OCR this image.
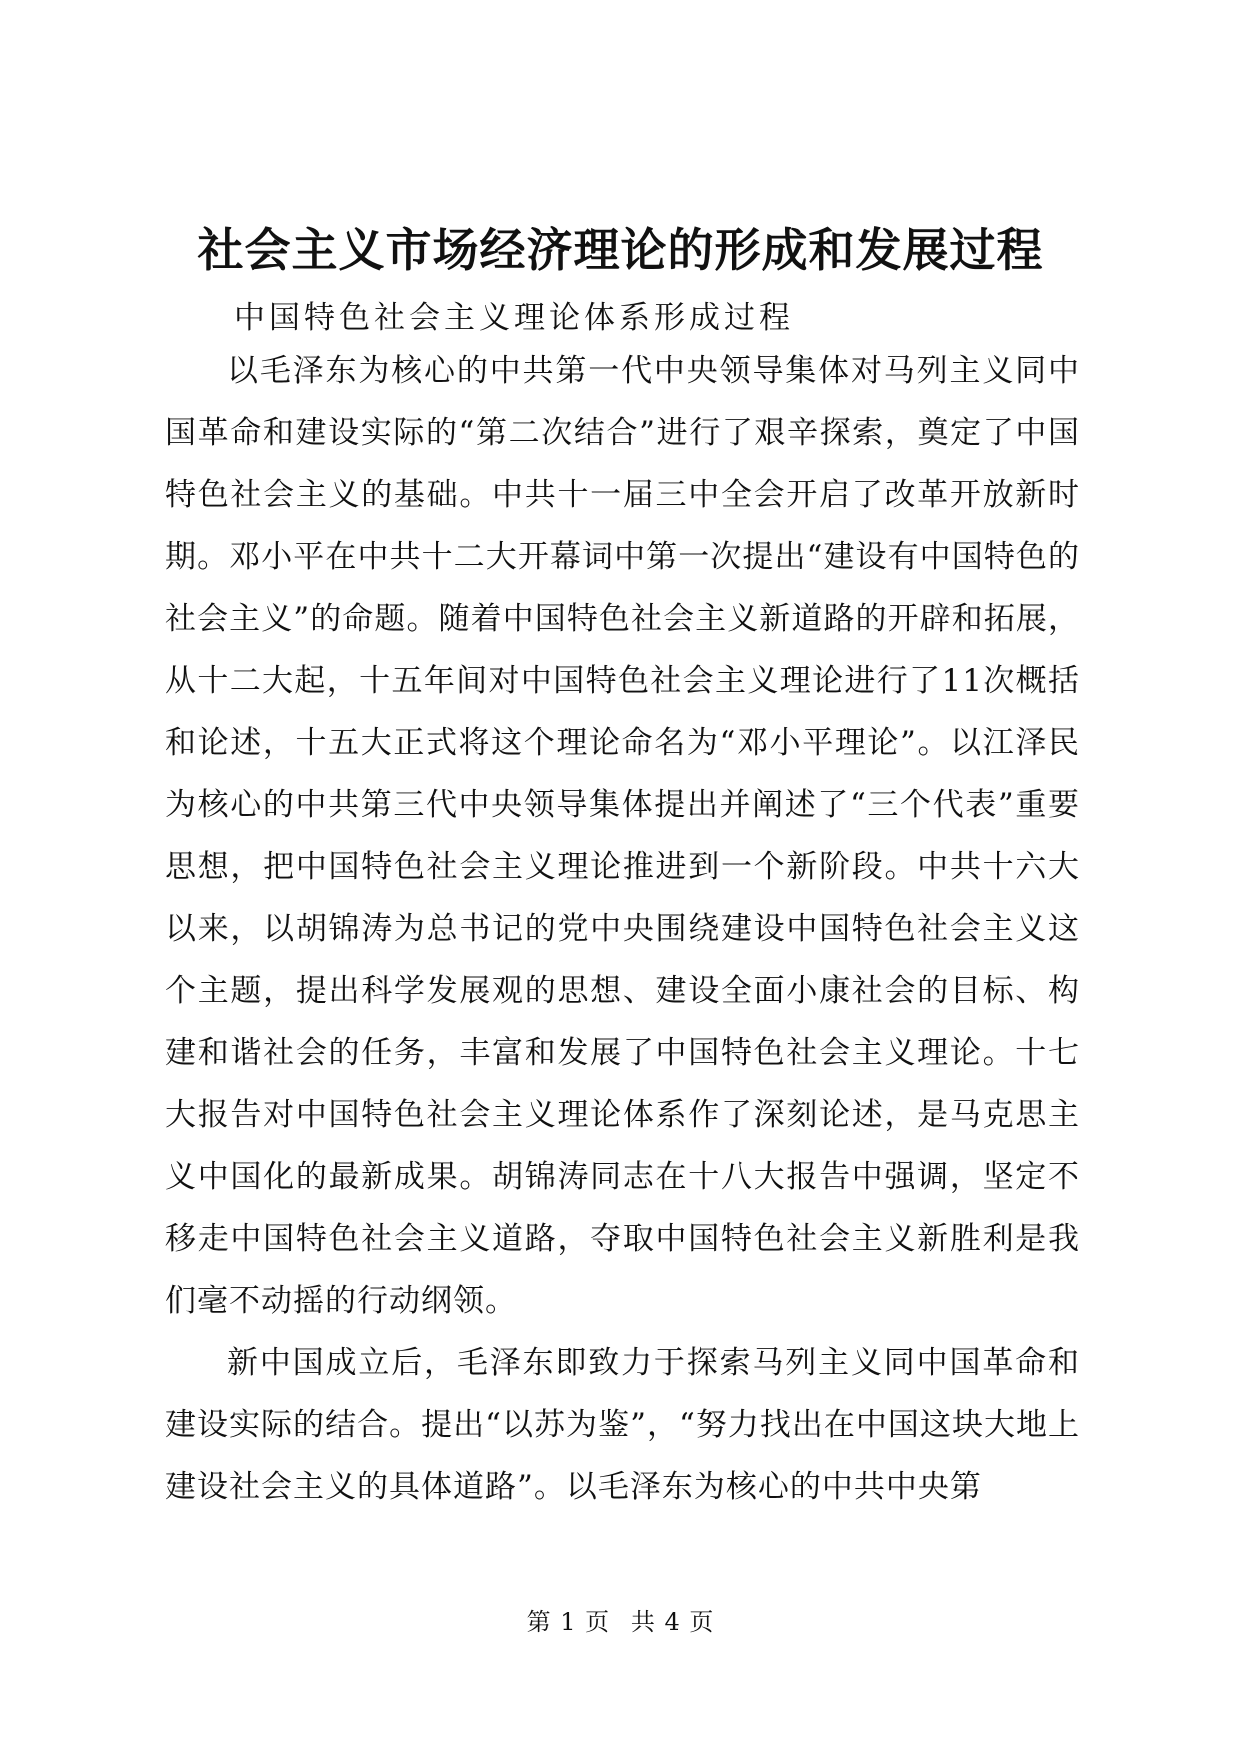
社会主义市场经济理论的形成和发展过程

中国特色社会主义理论体系形成过程

以毛泽东为核心的中共第一代中央领导集体对马列主义同中国革命和建设实际的“第二次结合”进行了艰辛探索，奠定了中国特色社会主义的基础。中共十一届三中全会开启了改革开放新时期。邓小平在中共十二大开幕词中第一次提出“建设有中国特色的社会主义”的命题。随着中国特色社会主义新道路的开辟和拓展，从十二大起，十五年间对中国特色社会主义理论进行了11次概括和论述，十五大正式将这个理论命名为“邓小平理论”。以江泽民为核心的中共第三代中央领导集体提出并阐述了“三个代表”重要思想，把中国特色社会主义理论推进到一个新阶段。中共十六大以来，以胡锦涛为总书记的党中央围绕建设中国特色社会主义这个主题，提出科学发展观的思想、建设全面小康社会的目标、构建和谐社会的任务，丰富和发展了中国特色社会主义理论。十七大报告对中国特色社会主义理论体系作了深刻论述，是马克思主义中国化的最新成果。胡锦涛同志在十八大报告中强调，坚定不移走中国特色社会主义道路，夺取中国特色社会主义新胜利是我们毫不动摇的行动纲领。

新中国成立后，毛泽东即致力于探索马列主义同中国革命和建设实际的结合。提出“以苏为鉴”，“努力找出在中国这块大地上建设社会主义的具体道路”。以毛泽东为核心的中共中央第

第 1 页 共 4 页
